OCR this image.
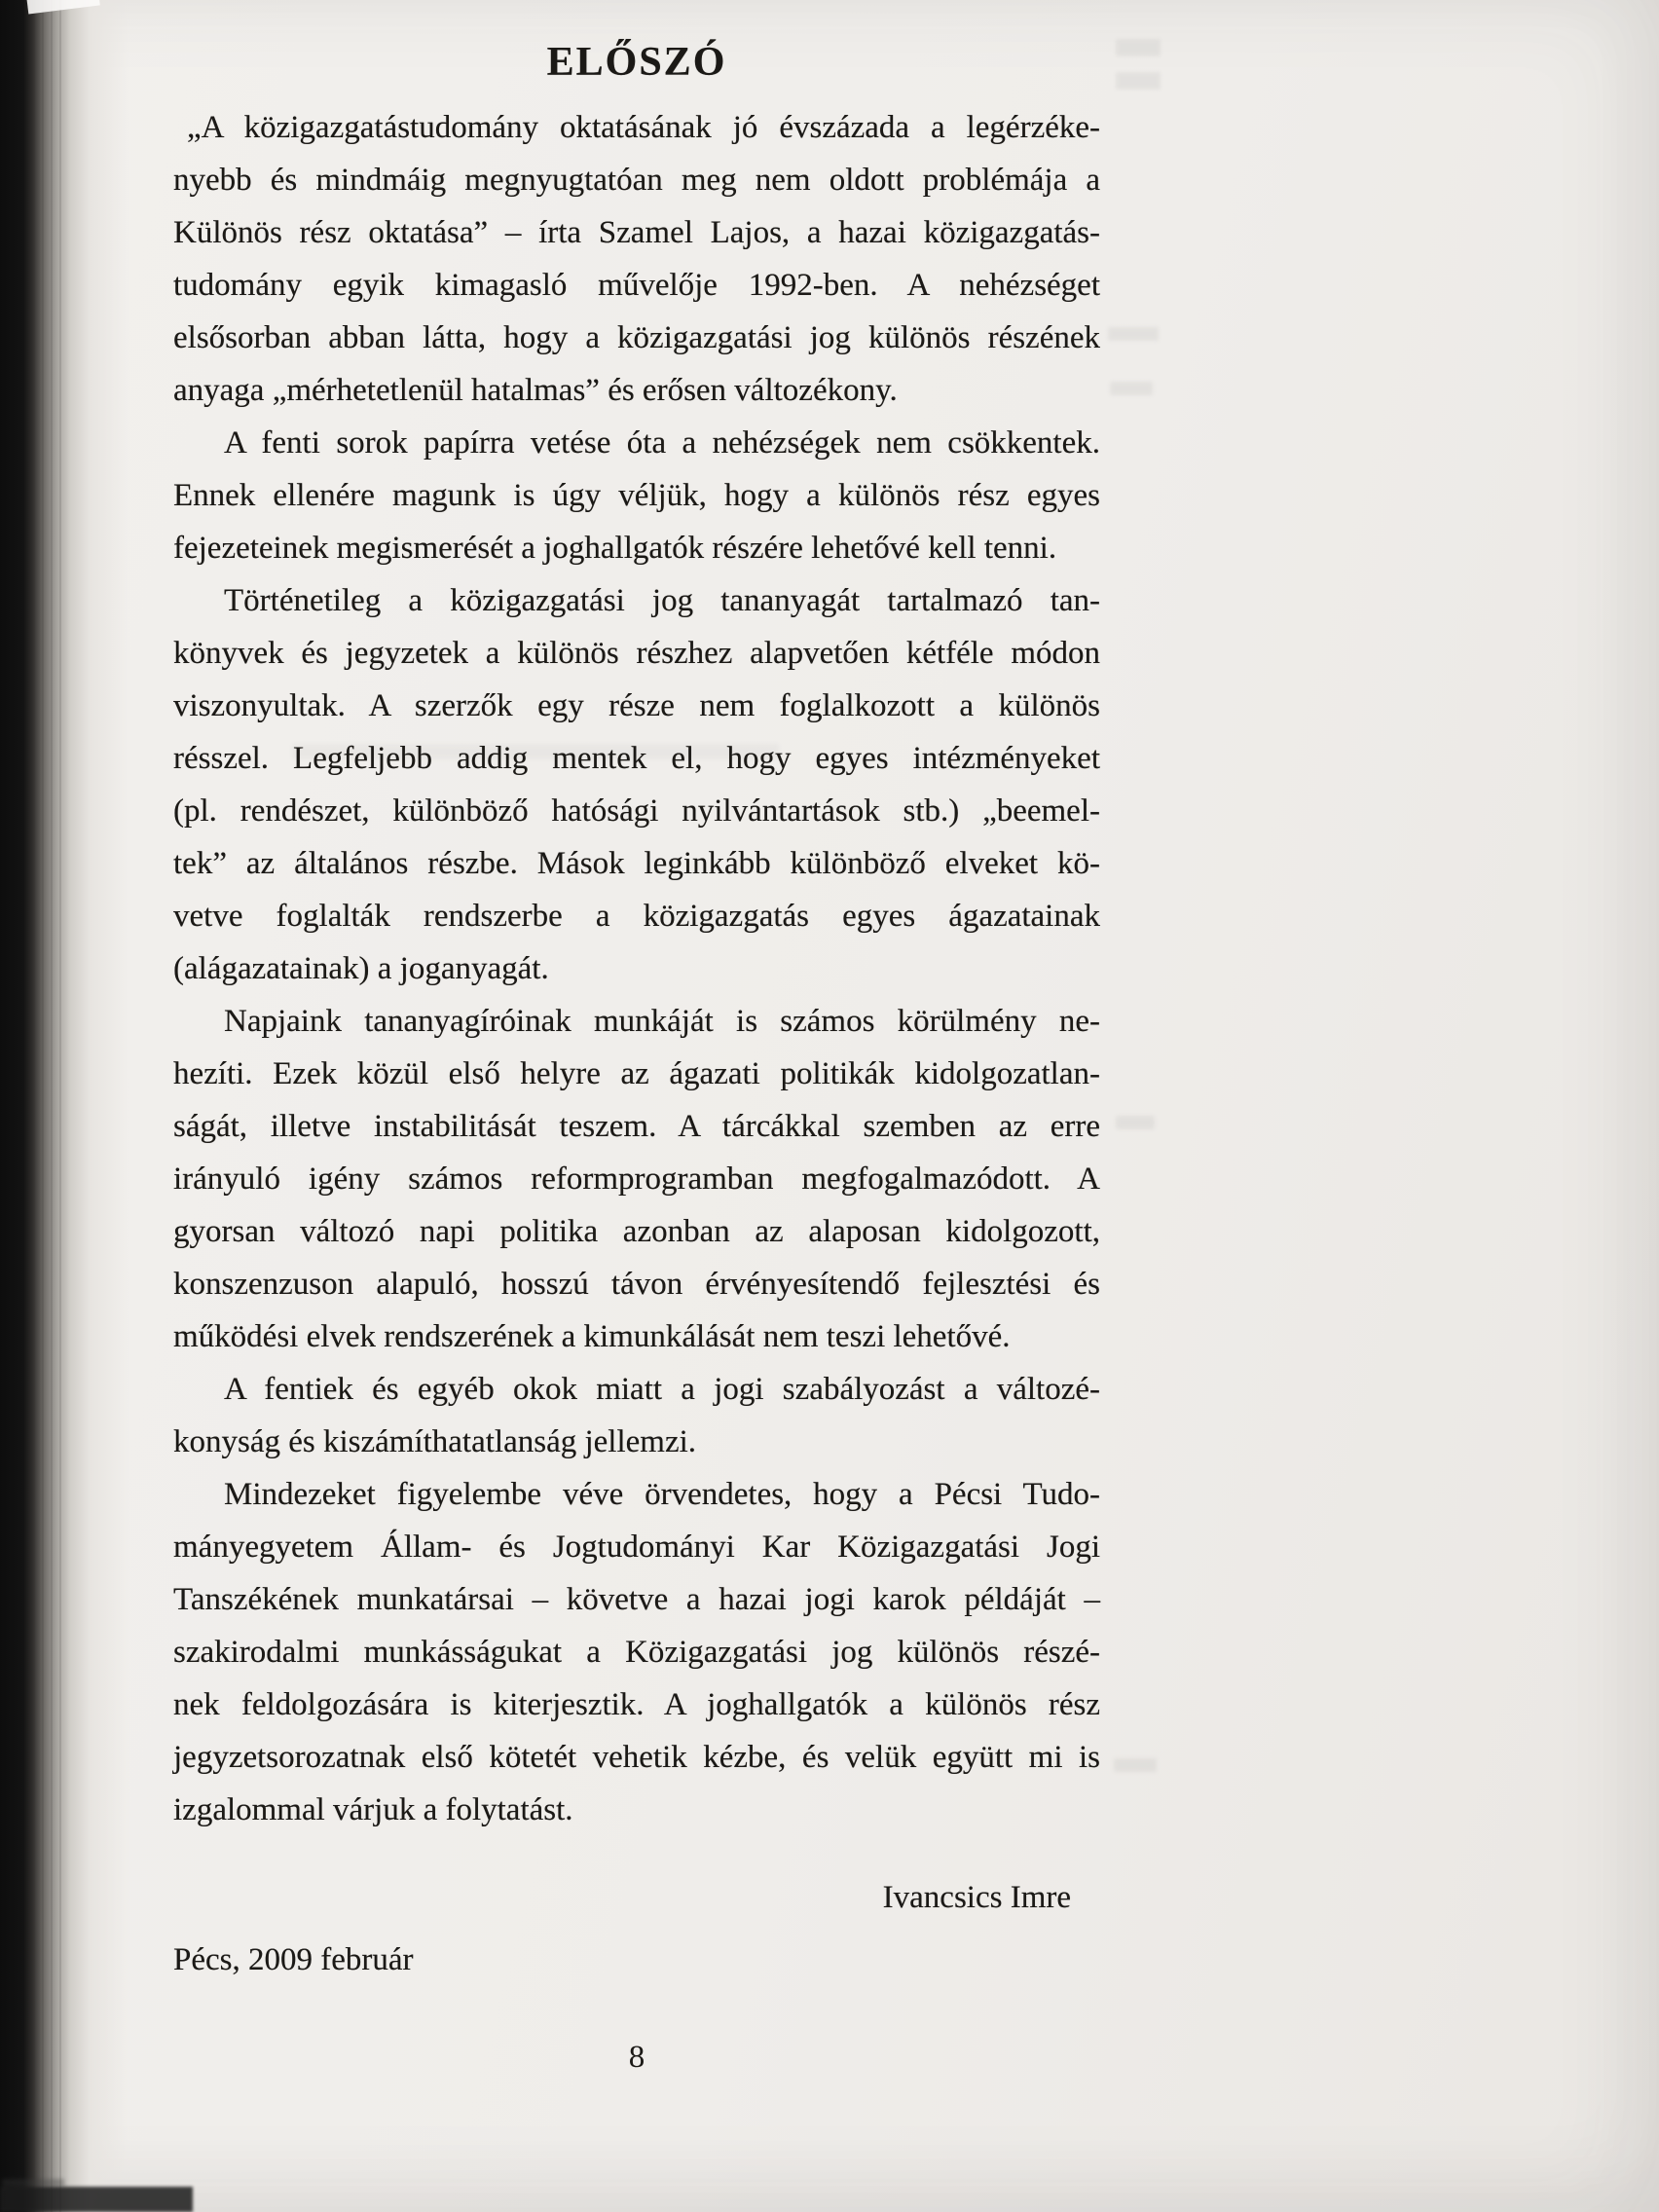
ELŐSZÓ
„A közigazgatástudomány oktatásának jó évszázada a legérzéke-
nyebb és mindmáig megnyugtatóan meg nem oldott problémája a
Különös rész oktatása” – írta Szamel Lajos, a hazai közigazgatás-
tudomány egyik kimagasló művelője 1992-ben. A nehézséget
elsősorban abban látta, hogy a közigazgatási jog különös részének
anyaga „mérhetetlenül hatalmas” és erősen változékony.
A fenti sorok papírra vetése óta a nehézségek nem csökkentek.
Ennek ellenére magunk is úgy véljük, hogy a különös rész egyes
fejezeteinek megismerését a joghallgatók részére lehetővé kell tenni.
Történetileg a közigazgatási jog tananyagát tartalmazó tan-
könyvek és jegyzetek a különös részhez alapvetően kétféle módon
viszonyultak. A szerzők egy része nem foglalkozott a különös
résszel. Legfeljebb addig mentek el, hogy egyes intézményeket
(pl. rendészet, különböző hatósági nyilvántartások stb.) „beemel-
tek” az általános részbe. Mások leginkább különböző elveket kö-
vetve foglalták rendszerbe a közigazgatás egyes ágazatainak
(alágazatainak) a joganyagát.
Napjaink tananyagíróinak munkáját is számos körülmény ne-
hezíti. Ezek közül első helyre az ágazati politikák kidolgozatlan-
ságát, illetve instabilitását teszem. A tárcákkal szemben az erre
irányuló igény számos reformprogramban megfogalmazódott. A
gyorsan változó napi politika azonban az alaposan kidolgozott,
konszenzuson alapuló, hosszú távon érvényesítendő fejlesztési és
működési elvek rendszerének a kimunkálását nem teszi lehetővé.
A fentiek és egyéb okok miatt a jogi szabályozást a változé-
konyság és kiszámíthatatlanság jellemzi.
Mindezeket figyelembe véve örvendetes, hogy a Pécsi Tudo-
mányegyetem Állam- és Jogtudományi Kar Közigazgatási Jogi
Tanszékének munkatársai – követve a hazai jogi karok példáját –
szakirodalmi munkásságukat a Közigazgatási jog különös részé-
nek feldolgozására is kiterjesztik. A joghallgatók a különös rész
jegyzetsorozatnak első kötetét vehetik kézbe, és velük együtt mi is
izgalommal várjuk a folytatást.
Ivancsics Imre
Pécs, 2009 február
8
